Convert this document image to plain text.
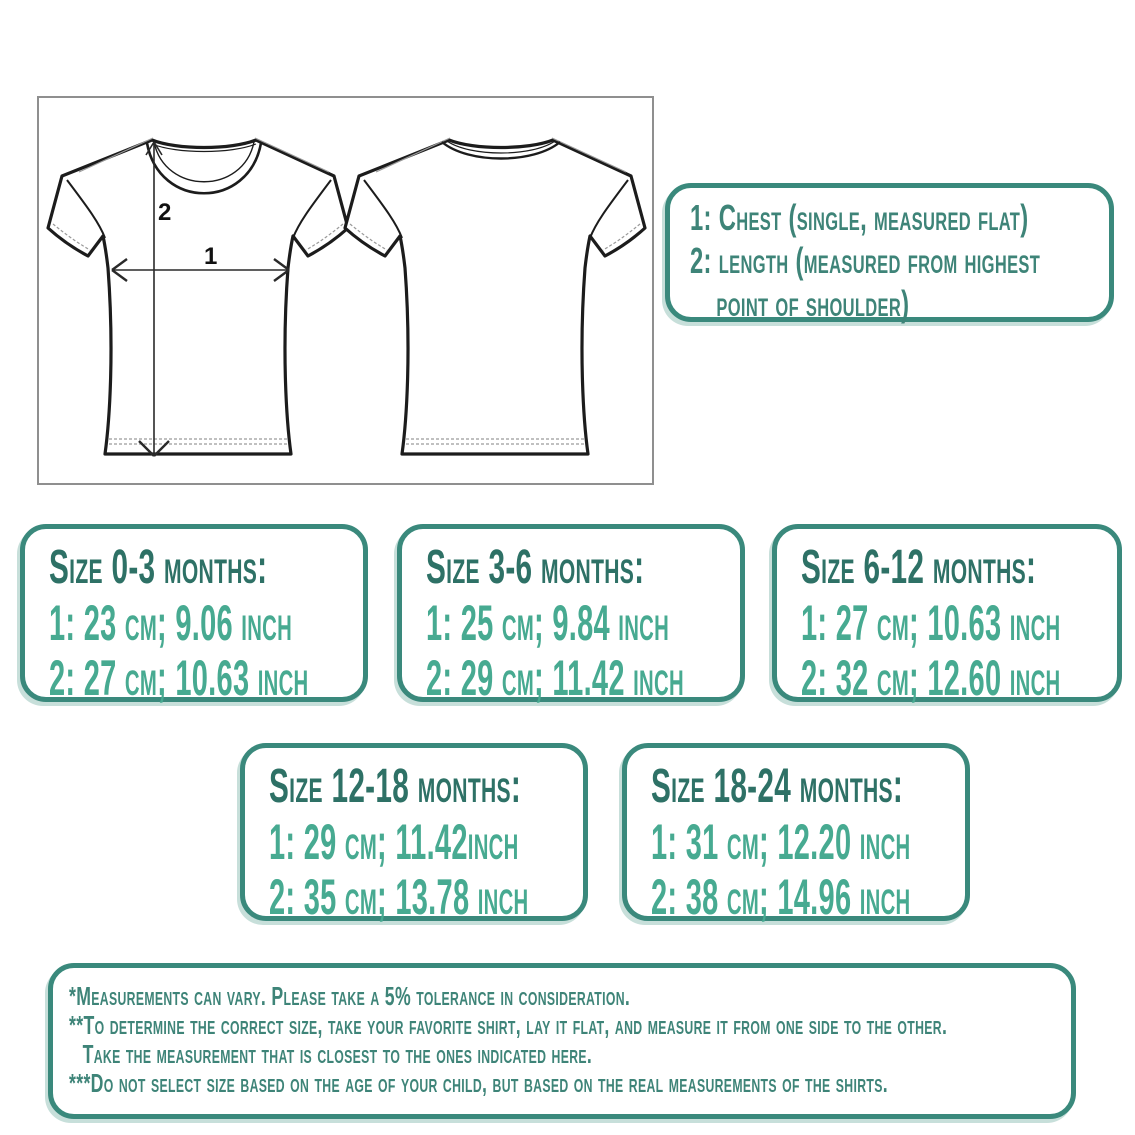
1
2	1: Chest (single, measured flat)
2: length (measured from highest
point of shoulder)
Size 0-3 months:
1: 23 cm; 9.06 inch
2: 27 cm; 10.63 inch
Size 3-6 months:
1: 25 cm; 9.84 inch
2: 29 cm; 11.42 inch
Size 6-12 months:
1: 27 cm; 10.63 inch
2: 32 cm; 12.60 inch
Size 12-18 months:
1: 29 cm; 11.42inch
2: 35 cm; 13.78 inch
Size 18-24 months:
1: 31 cm; 12.20 inch
2: 38 cm; 14.96 inch
*Measurements can vary. Please take a 5% tolerance in consideration.
**To determine the correct size, take your favorite shirt, lay it flat, and measure it from one side to the other.
Take the measurement that is closest to the ones indicated here.
***Do not select size based on the age of your child, but based on the real measurements of the shirts.
